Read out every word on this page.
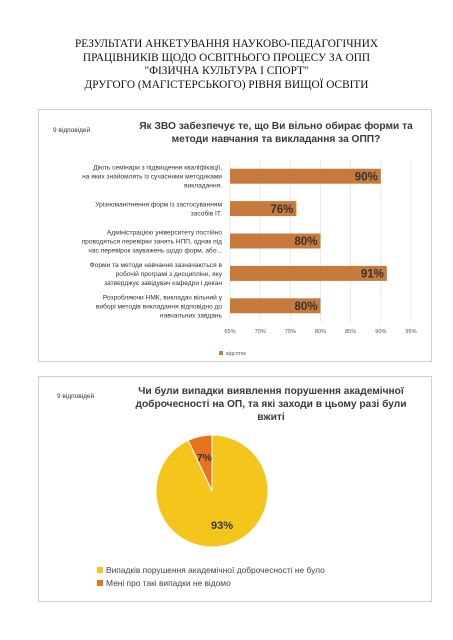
РЕЗУЛЬТАТИ АНКЕТУВАННЯ НАУКОВО-ПЕДАГОГІЧНИХ
ПРАЦІВНИКІВ ЩОДО ОСВІТНЬОГО ПРОЦЕСУ ЗА ОПП
"ФІЗИЧНА КУЛЬТУРА І СПОРТ"
ДРУГОГО (МАГІСТЕРСЬКОГО) РІВНЯ ВИЩОЇ ОСВІТИ
9 відповідей	Як ЗВО забезпечує те, що Ви вільно обирає форми та
методи навчання та викладання за ОПП?
65%	70%	75%	80%	85%	90%	95%
90%
Діють семінари з підвищення кваліфікації,
на яких знайомлять із сучасними методиками
викладання.
76%
Урізноманітнення форм із застосуванням
засобів ІТ.
80%
Адміністрацією університету постійно
проводяться перевірки занять НПП, однак під
час перевірок зауважень щодо форм, або...
91%
Форми та методи навчання зазначаються в
робочій програмі з дисципліни, яку
затверджує завідувач кафедри і декан
80%
Розробляючи НМК, викладач вільний у
виборі методів викладання відповідно до
навчальних завдань
відсоток
9 відповідей	Чи були випадки виявлення порушення академічної
доброчесності на ОП, та які заходи в цьому разі були
вжиті
7%
93%
Випадків порушення академічної доброчесності не було
Мені про такі випадки не відомо
